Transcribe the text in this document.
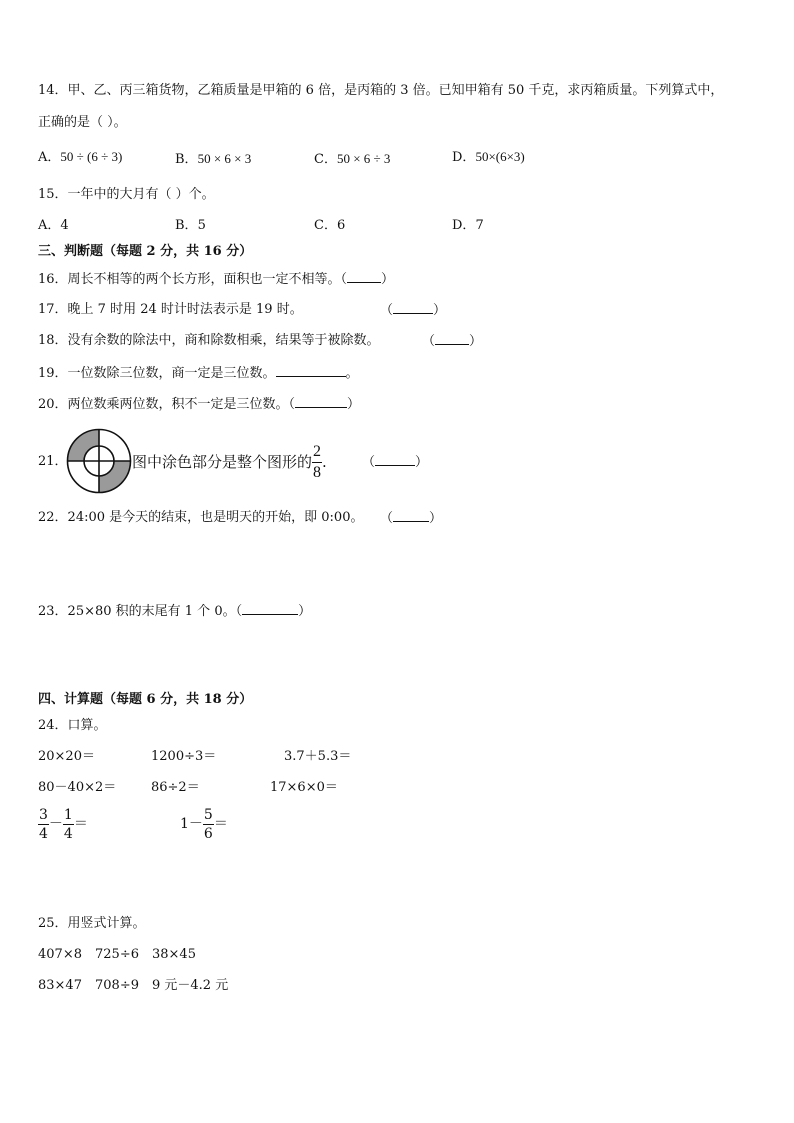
14．甲、乙、丙三箱货物，乙箱质量是甲箱的 6 倍，是丙箱的 3 倍。已知甲箱有 50 千克，求丙箱质量。下列算式中，
正确的是（ ）。
A．50 ÷ (6 ÷ 3)	B．50 × 6 × 3	C．50 × 6 ÷ 3	D．50×(6×3)
15．一年中的大月有（ ）个。
A．4	B．5	C．6	D．7
三、判断题（每题 2 分，共 16 分）
16．周长不相等的两个长方形，面积也一定不相等。（	）
17．晚上 7 时用 24 时计时法表示是 19 时。	（	）
18．没有余数的除法中，商和除数相乘，结果等于被除数。	（	）
19．一位数除三位数，商一定是三位数。	。
20．两位数乘两位数，积不一定是三位数。（	）
21．	图中涂色部分是整个图形的 $\frac{2}{8}$ .	（	）
22．24:00 是今天的结束，也是明天的开始，即 0:00。 （	）
23．25×80 积的末尾有 1 个 0。（	）
四、计算题（每题 6 分，共 18 分）
24．口算。
20×20＝	1200÷3＝	3.7＋5.3＝
80－40×2＝	86÷2＝	17×6×0＝
$\frac{3}{4} - \frac{1}{4}$ ＝	$1- \frac{5}{6}$ ＝
25．用竖式计算。
407×8 725÷6 38×45
83×47 708÷9 9 元－4.2 元
